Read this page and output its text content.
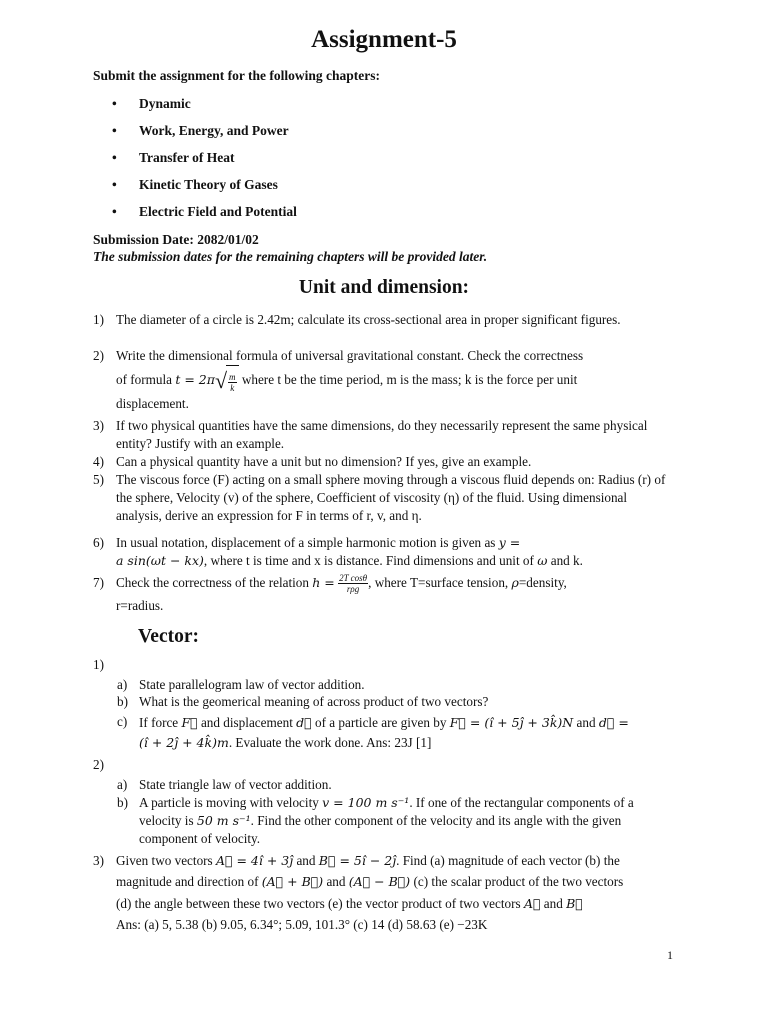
Assignment-5
Submit the assignment for the following chapters:
• Dynamic
• Work, Energy, and Power
• Transfer of Heat
• Kinetic Theory of Gases
• Electric Field and Potential
Submission Date: 2082/01/02
The submission dates for the remaining chapters will be provided later.
Unit and dimension:
1) The diameter of a circle is 2.42m; calculate its cross-sectional area in proper significant figures.
2) Write the dimensional formula of universal gravitational constant. Check the correctness
of formula $t = 2\pi√ \frac{m}{k}$ where t be the time period, m is the mass; k is the force per unit
displacement.
3) If two physical quantities have the same dimensions, do they necessarily represent the same physical entity? Justify with an example.
4) Can a physical quantity have a unit but no dimension? If yes, give an example.
5) The viscous force (F) acting on a small sphere moving through a viscous fluid depends on: Radius (r) of the sphere, Velocity (v) of the sphere, Coefficient of viscosity (η) of the fluid. Using dimensional analysis, derive an expression for F in terms of r, v, and η.
6) In usual notation, displacement of a simple harmonic motion is given as y =
a sin(ωt − kx), where t is time and x is distance. Find dimensions and unit of ω and k.
7) Check the correctness of the relation $h = \frac{\text{2T cosθ}}{\text{rρg}}$ , where T=surface tension, ρ=density,
r=radius.
Vector:
1)
a) State parallelogram law of vector addition.
b) What is the geomerical meaning of across product of two vectors?
c) If force F⃗ and displacement d⃗ of a particle are given by F⃗ = (î + 5ĵ + 3k̂)N and d⃗ =
(î + 2ĵ + 4k̂)m. Evaluate the work done. Ans: 23J [1]
2)
a) State triangle law of vector addition.
b) A particle is moving with velocity v = 100 m s⁻¹. If one of the rectangular components of a velocity is 50 m s⁻¹. Find the other component of the velocity and its angle with the given component of velocity.
3) Given two vectors A⃗ = 4î + 3ĵ and B⃗ = 5î − 2ĵ. Find (a) magnitude of each vector (b) the
magnitude and direction of (A⃗ + B⃗) and (A⃗ − B⃗) (c) the scalar product of the two vectors
(d) the angle between these two vectors (e) the vector product of two vectors A⃗ and B⃗
Ans: (a) 5, 5.38 (b) 9.05, 6.34°; 5.09, 101.3° (c) 14 (d) 58.63 (e) −23K
1
